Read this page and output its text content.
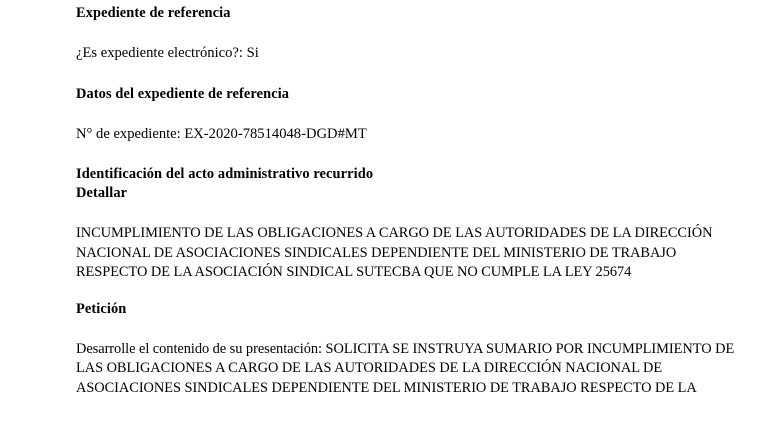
Expediente de referencia
¿Es expediente electrónico?: Si
Datos del expediente de referencia
N° de expediente: EX-2020-78514048-DGD#MT
Identificación del acto administrativo recurrido
Detallar
INCUMPLIMIENTO DE LAS OBLIGACIONES A CARGO DE LAS AUTORIDADES DE LA DIRECCIÓN NACIONAL DE ASOCIACIONES SINDICALES DEPENDIENTE DEL MINISTERIO DE TRABAJO RESPECTO DE LA ASOCIACIÓN SINDICAL SUTECBA QUE NO CUMPLE LA LEY 25674
Petición
Desarrolle el contenido de su presentación: SOLICITA SE INSTRUYA SUMARIO POR INCUMPLIMIENTO DE LAS OBLIGACIONES A CARGO DE LAS AUTORIDADES DE LA DIRECCIÓN NACIONAL DE ASOCIACIONES SINDICALES DEPENDIENTE DEL MINISTERIO DE TRABAJO RESPECTO DE LA
